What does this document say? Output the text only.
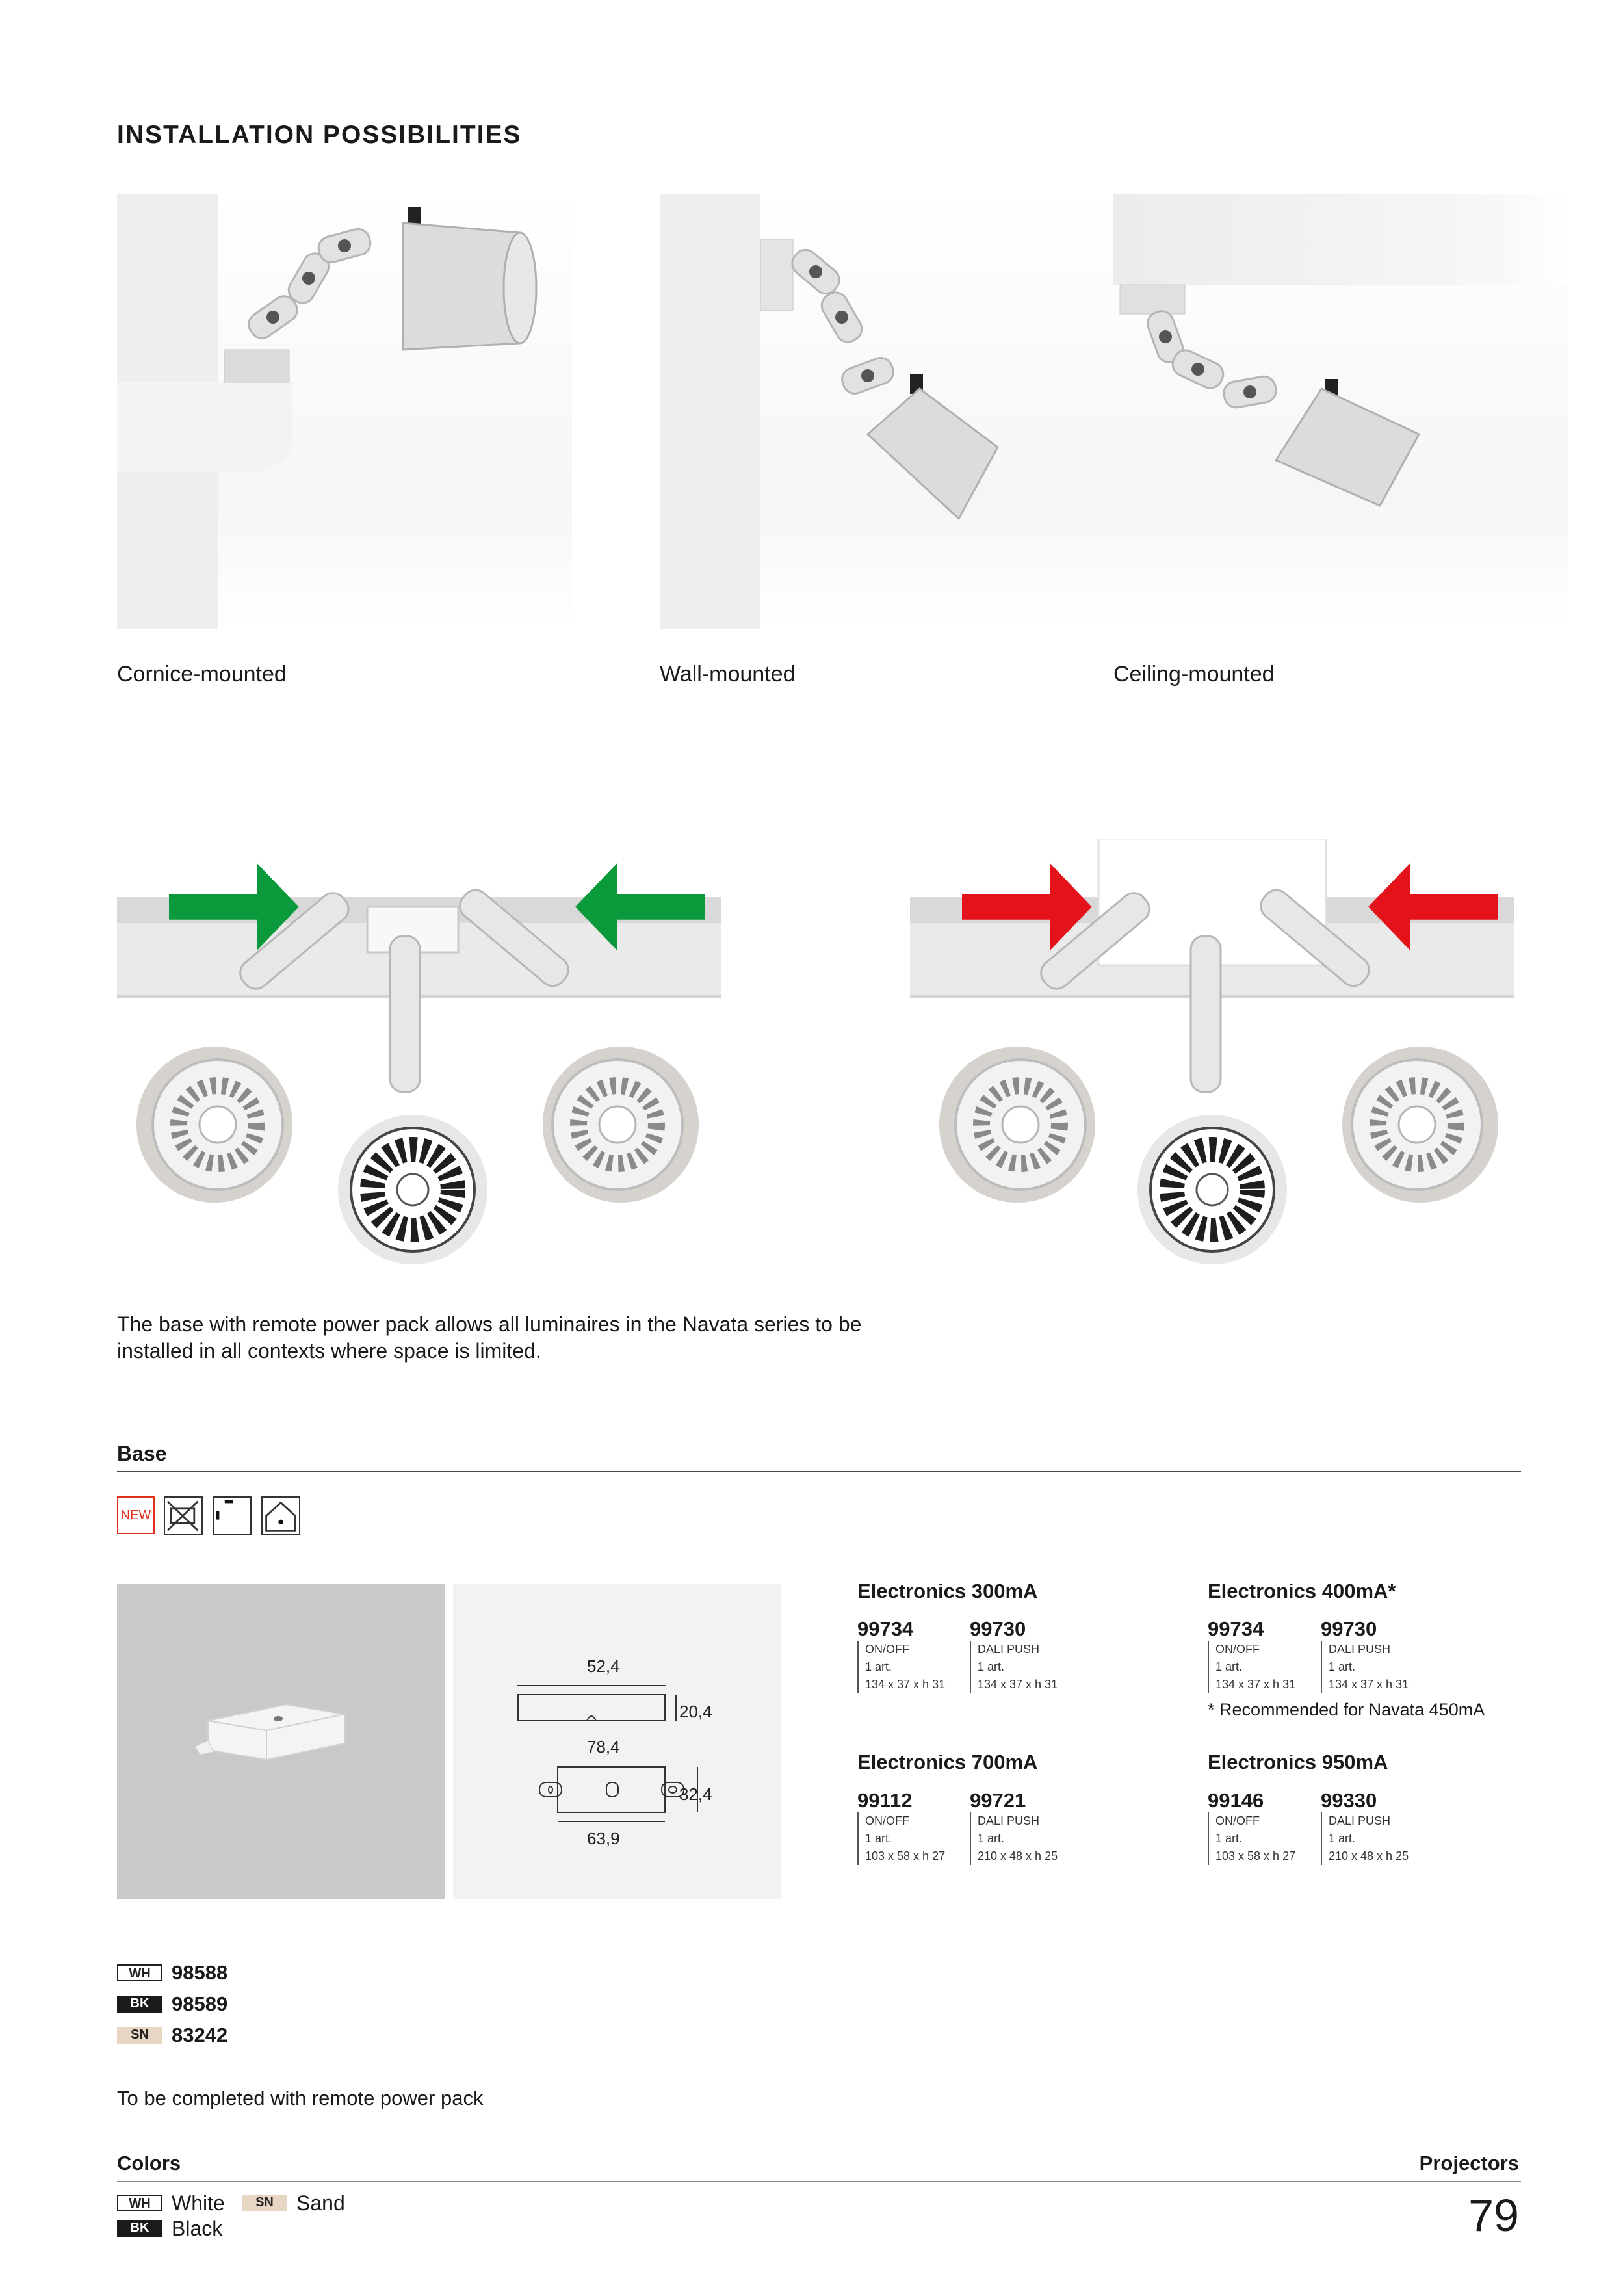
INSTALLATION POSSIBILITIES
Cornice-mounted	Wall-mounted	Ceiling-mounted
The base with remote power pack allows all luminaires in the Navata series to be installed in all contexts where space is limited.
Base
NEW
52,4
20,4
78,4
32,4
63,9
Electronics 300mA
99734
ON/OFF
1 art.
134 x 37 x h 31
99730
DALI PUSH
1 art.
134 x 37 x h 31
Electronics 400mA*
99734
ON/OFF
1 art.
134 x 37 x h 31
99730
DALI PUSH
1 art.
134 x 37 x h 31
* Recommended for Navata 450mA
Electronics 700mA
99112
ON/OFF
1 art.
103 x 58 x h 27
99721
DALI PUSH
1 art.
210 x 48 x h 25
Electronics 950mA
99146
ON/OFF
1 art.
103 x 58 x h 27
99330
DALI PUSH
1 art.
210 x 48 x h 25
WH	98588
BK	98589
SN	83242
To be completed with remote power pack
Colors	Projectors
WH	White	SN	Sand
BK	Black	79
